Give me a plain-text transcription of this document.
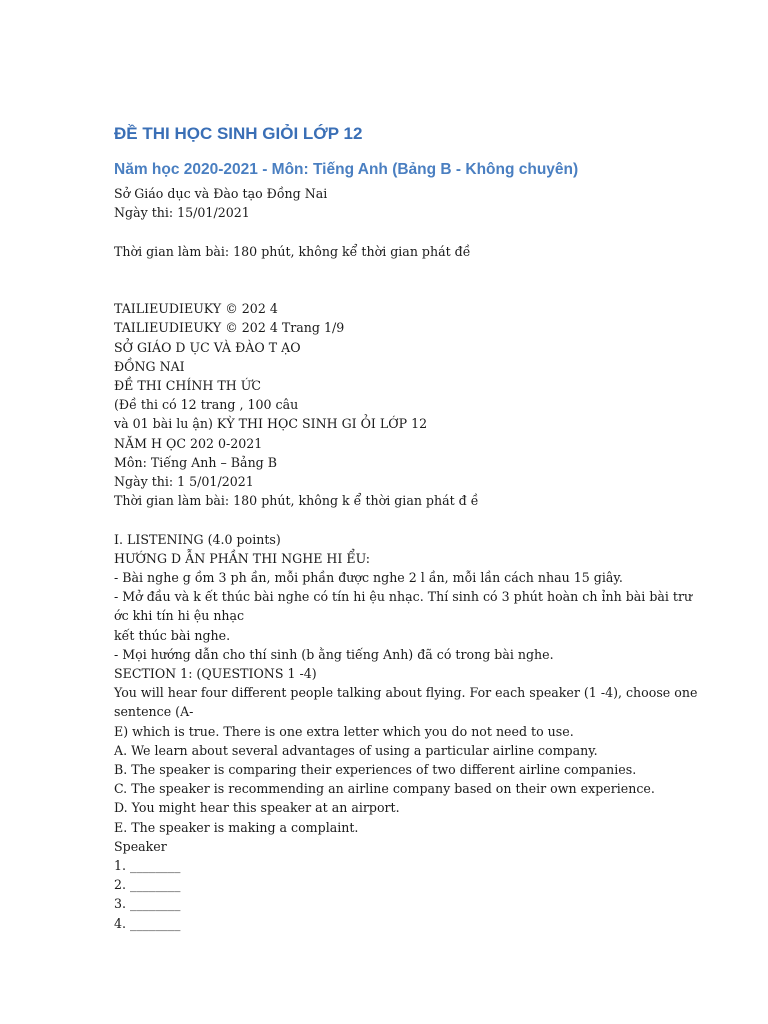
ĐỀ THI HỌC SINH GIỎI LỚP 12
Năm học 2020-2021 - Môn: Tiếng Anh (Bảng B - Không chuyên)
Sở Giáo dục và Đào tạo Đồng Nai
Ngày thi: 15/01/2021
Thời gian làm bài: 180 phút, không kể thời gian phát đề
TAILIEUDIEUKY © 202 4
TAILIEUDIEUKY © 202 4 Trang 1/9
SỞ GIÁO D ỤC VÀ ĐÀO T ẠO
ĐỒNG NAI
ĐỀ THI CHÍNH TH ỨC
(Đề thi có 12 trang , 100 câu
và 01 bài lu ận) KỲ THI HỌC SINH GI ỎI LỚP 12
NĂM H ỌC 202 0-2021
Môn: Tiếng Anh – Bảng B
Ngày thi: 1 5/01/2021
Thời gian làm bài: 180 phút, không k ể thời gian phát đ ề
I. LISTENING (4.0 points)
HƯỚNG D ẪN PHẦN THI NGHE HI ỂU:
- Bài nghe g ồm 3 ph ần, mỗi phần được nghe 2 l ần, mỗi lần cách nhau 15 giây.
- Mở đầu và k ết thúc bài nghe có tín hi ệu nhạc. Thí sinh có 3 phút hoàn ch ỉnh bài bài trư
ớc khi tín hi ệu nhạc
kết thúc bài nghe.
- Mọi hướng dẫn cho thí sinh (b ằng tiếng Anh) đã có trong bài nghe.
SECTION 1: (QUESTIONS 1 -4)
You will hear four different people talking about flying. For each speaker (1 -4), choose one
sentence (A-
E) which is true. There is one extra letter which you do not need to use.
A. We learn about several advantages of using a particular airline company.
B. The speaker is comparing their experiences of two different airline companies.
C. The speaker is recommending an airline company based on their own experience.
D. You might hear this speaker at an airport.
E. The speaker is making a complaint.
Speaker
1. ________
2. ________
3. ________
4. ________
